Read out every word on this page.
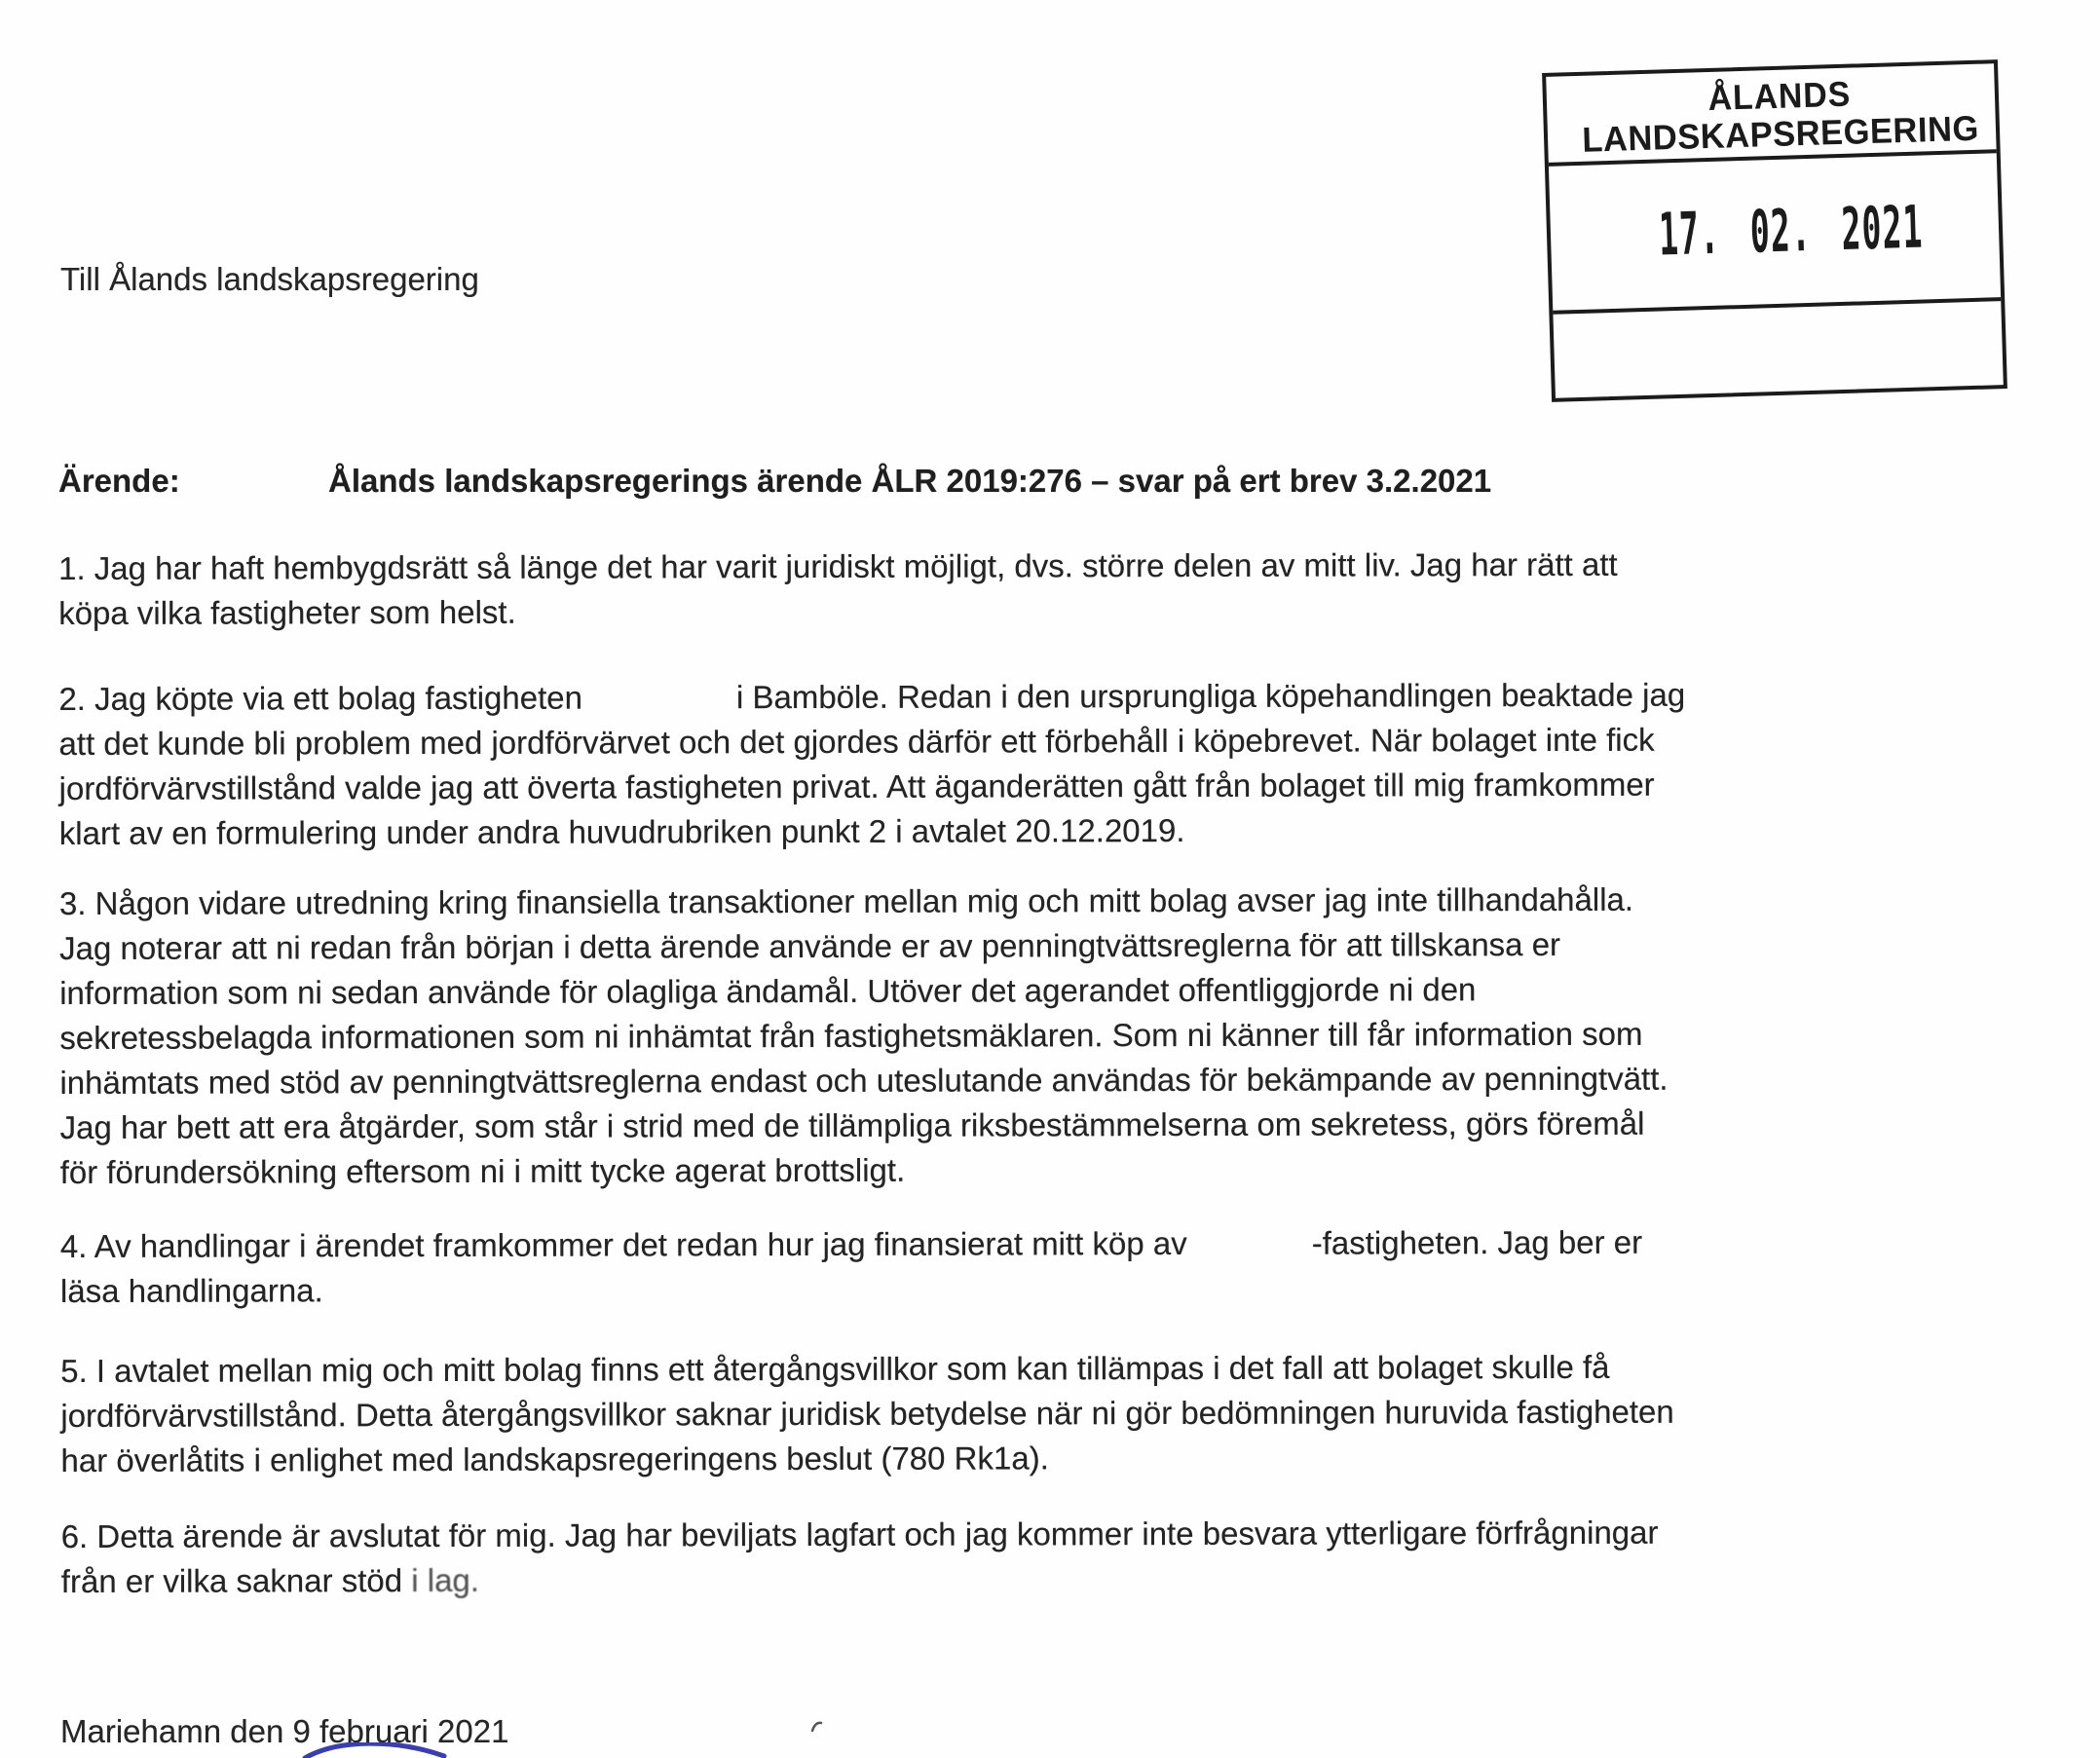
Till Ålands landskapsregering
ÅLANDS
LANDSKAPSREGERING
17. 02. 2021
Ärende:	Ålands landskapsregerings ärende ÅLR 2019:276 – svar på ert brev 3.2.2021
1. Jag har haft hembygdsrätt så länge det har varit juridiskt möjligt, dvs. större delen av mitt liv. Jag har rätt att
köpa vilka fastigheter som helst.
2. Jag köpte via ett bolag fastigheten	i Bamböle. Redan i den ursprungliga köpehandlingen beaktade jag
att det kunde bli problem med jordförvärvet och det gjordes därför ett förbehåll i köpebrevet. När bolaget inte fick
jordförvärvstillstånd valde jag att överta fastigheten privat. Att äganderätten gått från bolaget till mig framkommer
klart av en formulering under andra huvudrubriken punkt 2 i avtalet 20.12.2019.
3. Någon vidare utredning kring finansiella transaktioner mellan mig och mitt bolag avser jag inte tillhandahålla.
Jag noterar att ni redan från början i detta ärende använde er av penningtvättsreglerna för att tillskansa er
information som ni sedan använde för olagliga ändamål. Utöver det agerandet offentliggjorde ni den
sekretessbelagda informationen som ni inhämtat från fastighetsmäklaren. Som ni känner till får information som
inhämtats med stöd av penningtvättsreglerna endast och uteslutande användas för bekämpande av penningtvätt.
Jag har bett att era åtgärder, som står i strid med de tillämpliga riksbestämmelserna om sekretess, görs föremål
för förundersökning eftersom ni i mitt tycke agerat brottsligt.
4. Av handlingar i ärendet framkommer det redan hur jag finansierat mitt köp av	-fastigheten. Jag ber er
läsa handlingarna.
5. I avtalet mellan mig och mitt bolag finns ett återgångsvillkor som kan tillämpas i det fall att bolaget skulle få
jordförvärvstillstånd. Detta återgångsvillkor saknar juridisk betydelse när ni gör bedömningen huruvida fastigheten
har överlåtits i enlighet med landskapsregeringens beslut (780 Rk1a).
6. Detta ärende är avslutat för mig. Jag har beviljats lagfart och jag kommer inte besvara ytterligare förfrågningar
från er vilka saknar stöd i lag.
Mariehamn den 9 februari 2021
